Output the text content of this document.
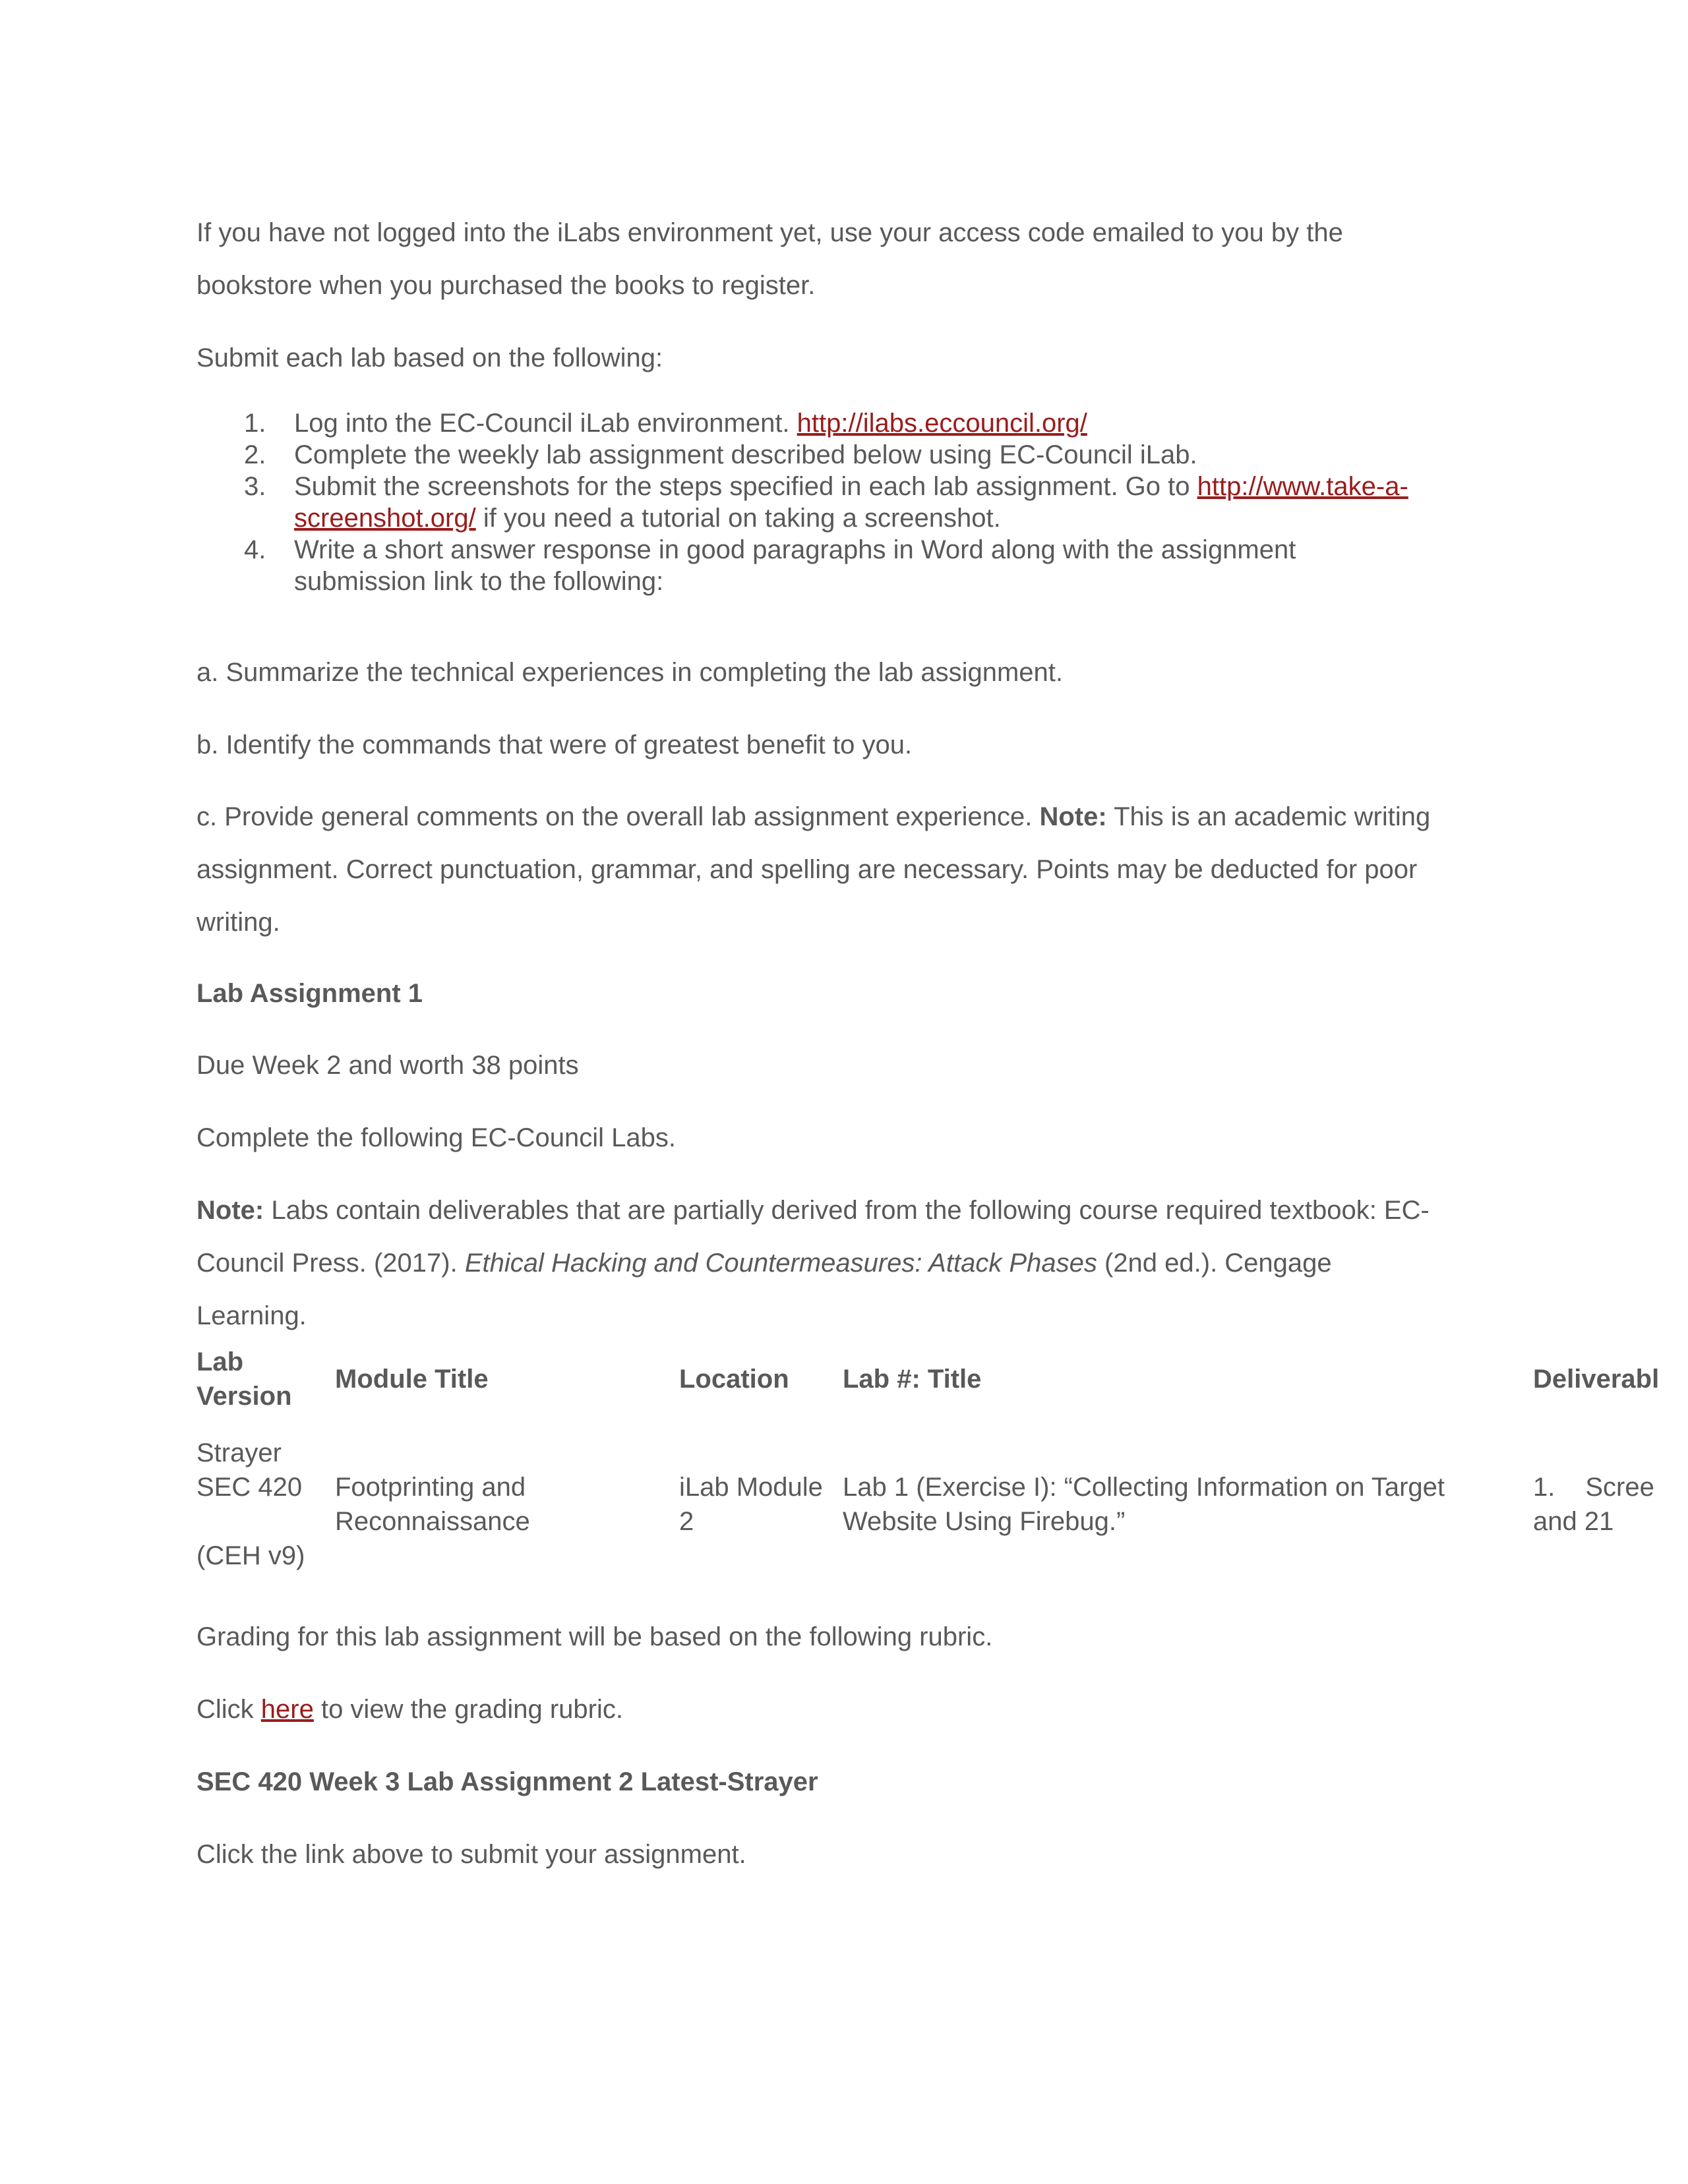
If you have not logged into the iLabs environment yet, use your access code emailed to you by the
bookstore when you purchased the books to register.

Submit each lab based on the following:

1. Log into the EC-Council iLab environment. http://ilabs.eccouncil.org/
2. Complete the weekly lab assignment described below using EC-Council iLab.
3. Submit the screenshots for the steps specified in each lab assignment. Go to http://www.take-a-
screenshot.org/ if you need a tutorial on taking a screenshot.
4. Write a short answer response in good paragraphs in Word along with the assignment
submission link to the following:

a. Summarize the technical experiences in completing the lab assignment.

b. Identify the commands that were of greatest benefit to you.

c. Provide general comments on the overall lab assignment experience. Note: This is an academic writing
assignment. Correct punctuation, grammar, and spelling are necessary. Points may be deducted for poor
writing.

Lab Assignment 1

Due Week 2 and worth 38 points

Complete the following EC-Council Labs.

Note: Labs contain deliverables that are partially derived from the following course required textbook: EC-
Council Press. (2017). Ethical Hacking and Countermeasures: Attack Phases (2nd ed.). Cengage
Learning.

Lab
Version
Module Title	Location Lab #: Title	Deliverabl
Strayer
SEC 420

(CEH v9)
Footprinting and
Reconnaissance
iLab Module
2
Lab 1 (Exercise I): “Collecting Information on Target
Website Using Firebug.”
1. Scree
and 21

Grading for this lab assignment will be based on the following rubric.

Click here to view the grading rubric.

SEC 420 Week 3 Lab Assignment 2 Latest-Strayer

Click the link above to submit your assignment.
